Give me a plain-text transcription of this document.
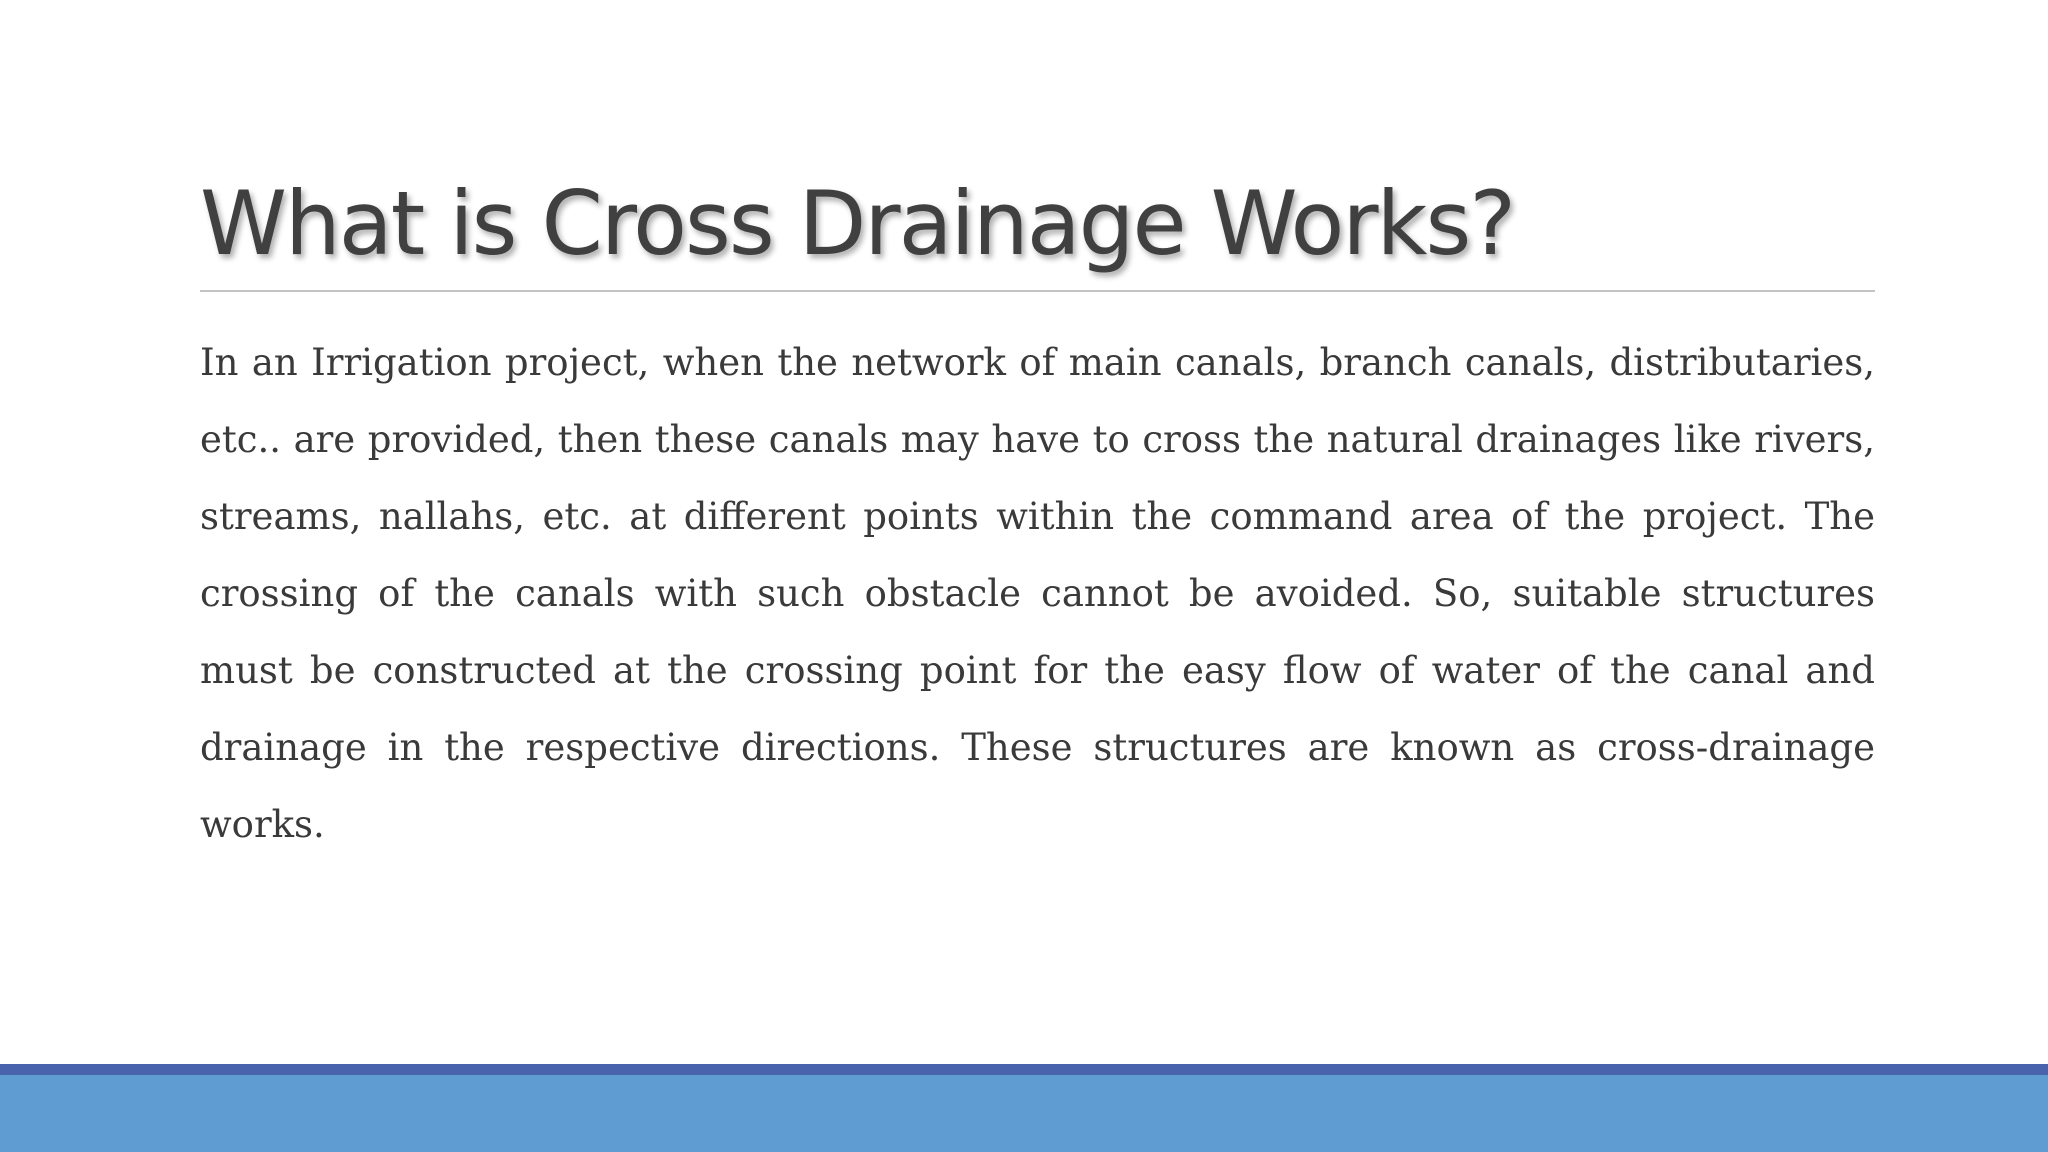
What is Cross Drainage Works?

In an Irrigation project, when the network of main canals, branch canals, distributaries, etc.. are provided, then these canals may have to cross the natural drainages like rivers, streams, nallahs, etc. at different points within the command area of the project. The crossing of the canals with such obstacle cannot be avoided. So, suitable structures must be constructed at the crossing point for the easy flow of water of the canal and drainage in the respective directions. These structures are known as cross-drainage works.
